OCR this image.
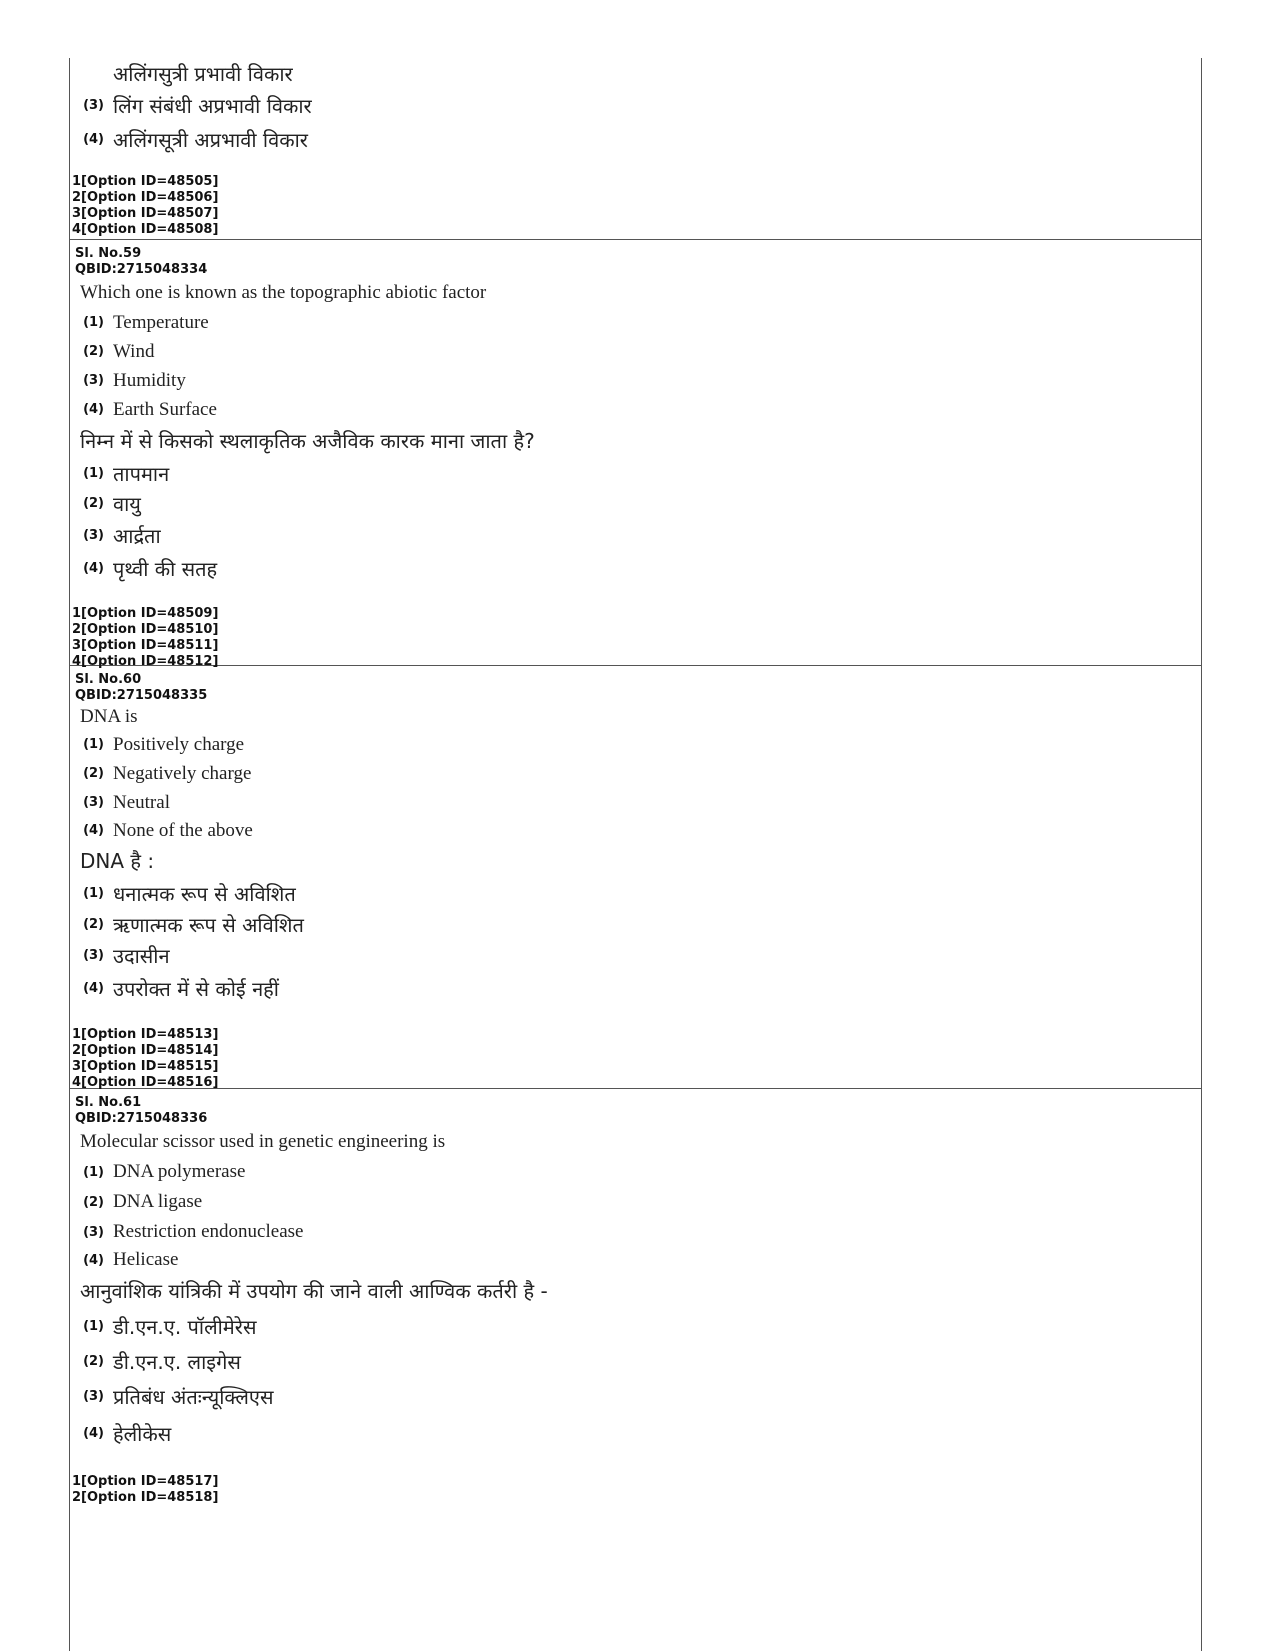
अलिंगसुत्री प्रभावी विकार
(3) लिंग संबंधी अप्रभावी विकार
(4) अलिंगसूत्री अप्रभावी विकार
1[Option ID=48505]
2[Option ID=48506]
3[Option ID=48507]
4[Option ID=48508]
Sl. No.59
QBID:2715048334
Which one is known as the topographic abiotic factor
(1) Temperature
(2) Wind
(3) Humidity
(4) Earth Surface
निम्न में से किसको स्थलाकृतिक अजैविक कारक माना जाता है?
(1) तापमान
(2) वायु
(3) आर्द्रता
(4) पृथ्वी की सतह
1[Option ID=48509]
2[Option ID=48510]
3[Option ID=48511]
4[Option ID=48512]
Sl. No.60
QBID:2715048335
DNA is
(1) Positively charge
(2) Negatively charge
(3) Neutral
(4) None of the above
DNA है :
(1) धनात्मक रूप से अविशित
(2) ऋणात्मक रूप से अविशित
(3) उदासीन
(4) उपरोक्त में से कोई नहीं
1[Option ID=48513]
2[Option ID=48514]
3[Option ID=48515]
4[Option ID=48516]
Sl. No.61
QBID:2715048336
Molecular scissor used in genetic engineering is
(1) DNA polymerase
(2) DNA ligase
(3) Restriction endonuclease
(4) Helicase
आनुवांशिक यांत्रिकी में उपयोग की जाने वाली आण्विक कर्तरी है -
(1) डी.एन.ए. पॉलीमेरेस
(2) डी.एन.ए. लाइगेस
(3) प्रतिबंध अंतःन्यूक्लिएस
(4) हेलीकेस
1[Option ID=48517]
2[Option ID=48518]
